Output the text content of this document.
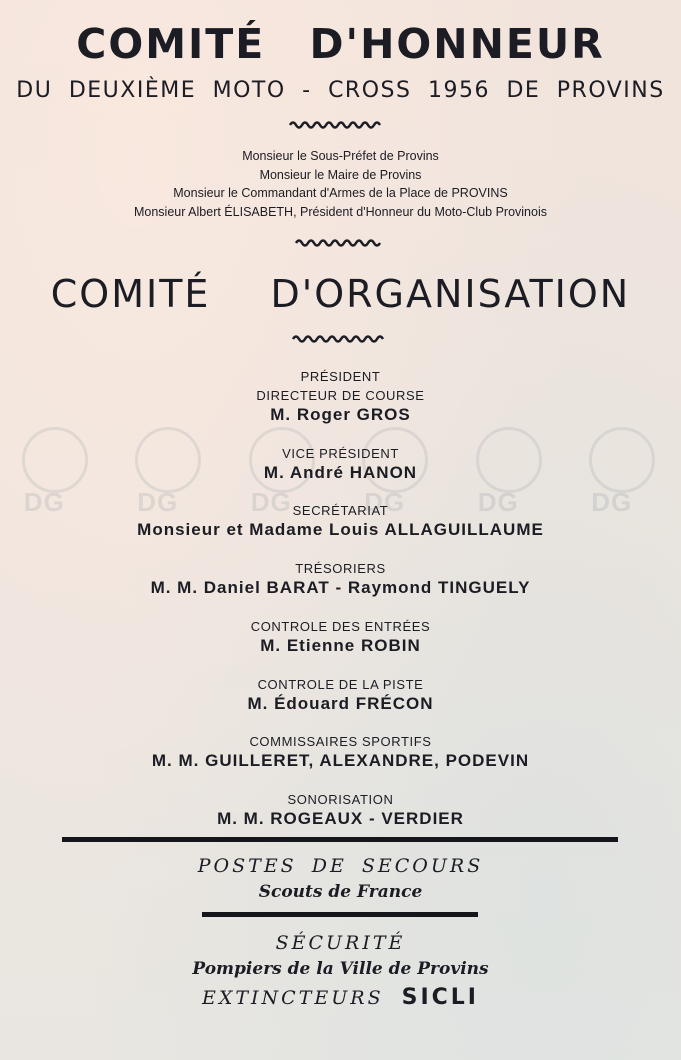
DG	DG	DG	DG	DG	DG
COMITÉ D'HONNEUR
DU DEUXIÈME MOTO - CROSS 1956 DE PROVINS
Monsieur le Sous-Préfet de Provins
Monsieur le Maire de Provins
Monsieur le Commandant d'Armes de la Place de PROVINS
Monsieur Albert ÉLISABETH, Président d'Honneur du Moto-Club Provinois
COMITÉ D'ORGANISATION
PRÉSIDENT
DIRECTEUR DE COURSE
M. Roger GROS
VICE PRÉSIDENT
M. André HANON
SECRÉTARIAT
Monsieur et Madame Louis ALLAGUILLAUME
TRÉSORIERS
M. M. Daniel BARAT - Raymond TINGUELY
CONTROLE DES ENTRÉES
M. Etienne ROBIN
CONTROLE DE LA PISTE
M. Édouard FRÉCON
COMMISSAIRES SPORTIFS
M. M. GUILLERET, ALEXANDRE, PODEVIN
SONORISATION
M. M. ROGEAUX - VERDIER
POSTES DE SECOURS
Scouts de France
SÉCURITÉ
Pompiers de la Ville de Provins
EXTINCTEURS SICLI
